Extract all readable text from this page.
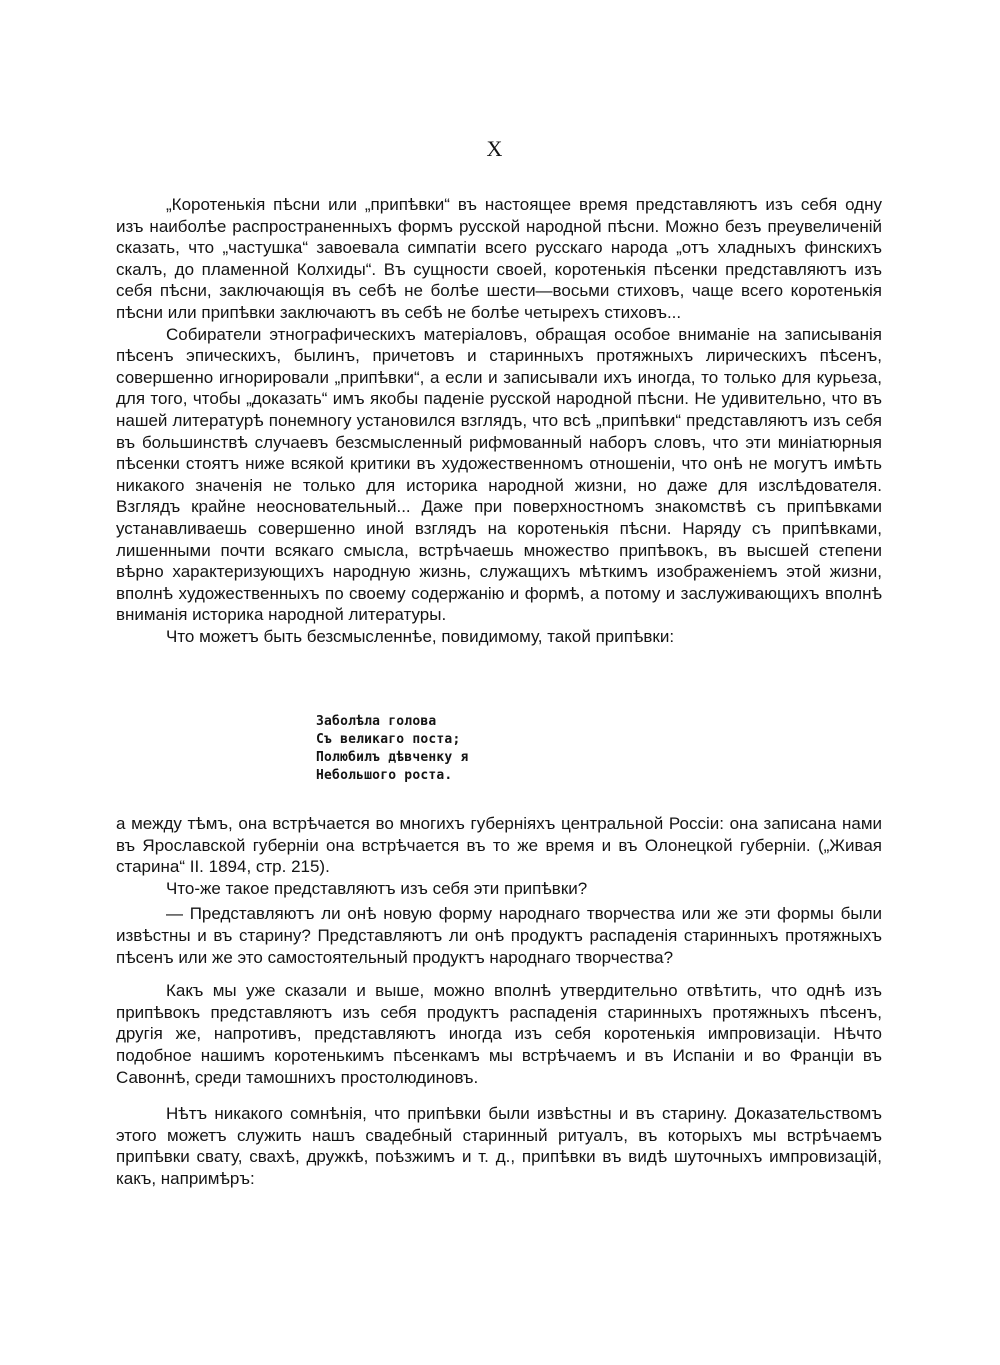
X

„Коротенькія пѣсни или „припѣвки“ въ настоящее время представляютъ изъ себя одну изъ наиболѣе распространенныхъ формъ русской народной пѣсни. Можно безъ преувеличеній сказать, что „частушка“ завоевала симпатіи всего русскаго народа „отъ хладныхъ финскихъ скалъ, до пламенной Колхиды“. Въ сущности своей, коротенькія пѣсенки представляютъ изъ себя пѣсни, заключающія въ себѣ не болѣе шести—восьми стиховъ, чаще всего коротенькія пѣсни или припѣвки заключаютъ въ себѣ не болѣе четырехъ стиховъ...

Собиратели этнографическихъ матеріаловъ, обращая особое вниманіе на записыванія пѣсенъ эпическихъ, былинъ, причетовъ и старинныхъ протяжныхъ лирическихъ пѣсенъ, совершенно игнорировали „припѣвки“, а если и записывали ихъ иногда, то только для курьеза, для того, чтобы „доказать“ имъ якобы паденіе русской народной пѣсни. Не удивительно, что въ нашей литературѣ понемногу установился взглядъ, что всѣ „припѣвки“ представляютъ изъ себя въ большинствѣ случаевъ безсмысленный рифмованный наборъ словъ, что эти миніатюрныя пѣсенки стоятъ ниже всякой критики въ художественномъ отношеніи, что онѣ не могутъ имѣть никакого значенія не только для историка народной жизни, но даже для изслѣдователя. Взглядъ крайне неосновательный... Даже при поверхностномъ знакомствѣ съ припѣвками устанавливаешь совершенно иной взглядъ на коротенькія пѣсни. Наряду съ припѣвками, лишенными почти всякаго смысла, встрѣчаешь множество припѣвокъ, въ высшей степени вѣрно характеризующихъ народную жизнь, служащихъ мѣткимъ изображеніемъ этой жизни, вполнѣ художественныхъ по своему содержанію и формѣ, а потому и заслуживающихъ вполнѣ вниманія историка народной литературы.

Что можетъ быть безсмысленнѣе, повидимому, такой припѣвки:

Заболѣла голова
Съ великаго поста;
Полюбилъ дѣвченку я
Небольшого роста.

а между тѣмъ, она встрѣчается во многихъ губерніяхъ центральной Россіи: она записана нами въ Ярославской губерніи она встрѣчается въ то же время и въ Олонецкой губерніи. („Живая старина“ II. 1894, стр. 215).

Что-же такое представляютъ изъ себя эти припѣвки?

— Представляютъ ли онѣ новую форму народнаго творчества или же эти формы были извѣстны и въ старину? Представляютъ ли онѣ продуктъ распаденія старинныхъ протяжныхъ пѣсенъ или же это самостоятельный продуктъ народнаго творчества?

Какъ мы уже сказали и выше, можно вполнѣ утвердительно отвѣтить, что однѣ изъ припѣвокъ представляютъ изъ себя продуктъ распаденія старинныхъ протяжныхъ пѣсенъ, другія же, напротивъ, представляютъ иногда изъ себя коротенькія импровизаціи. Нѣчто подобное нашимъ коротенькимъ пѣсенкамъ мы встрѣчаемъ и въ Испаніи и во Франціи въ Савоннѣ, среди тамошнихъ простолюдиновъ.

Нѣтъ никакого сомнѣнія, что припѣвки были извѣстны и въ старину. Доказательствомъ этого можетъ служить нашъ свадебный старинный ритуалъ, въ которыхъ мы встрѣчаемъ припѣвки свату, свахѣ, дружкѣ, поѣзжимъ и т. д., припѣвки въ видѣ шуточныхъ импровизацій, какъ, напримѣръ:
